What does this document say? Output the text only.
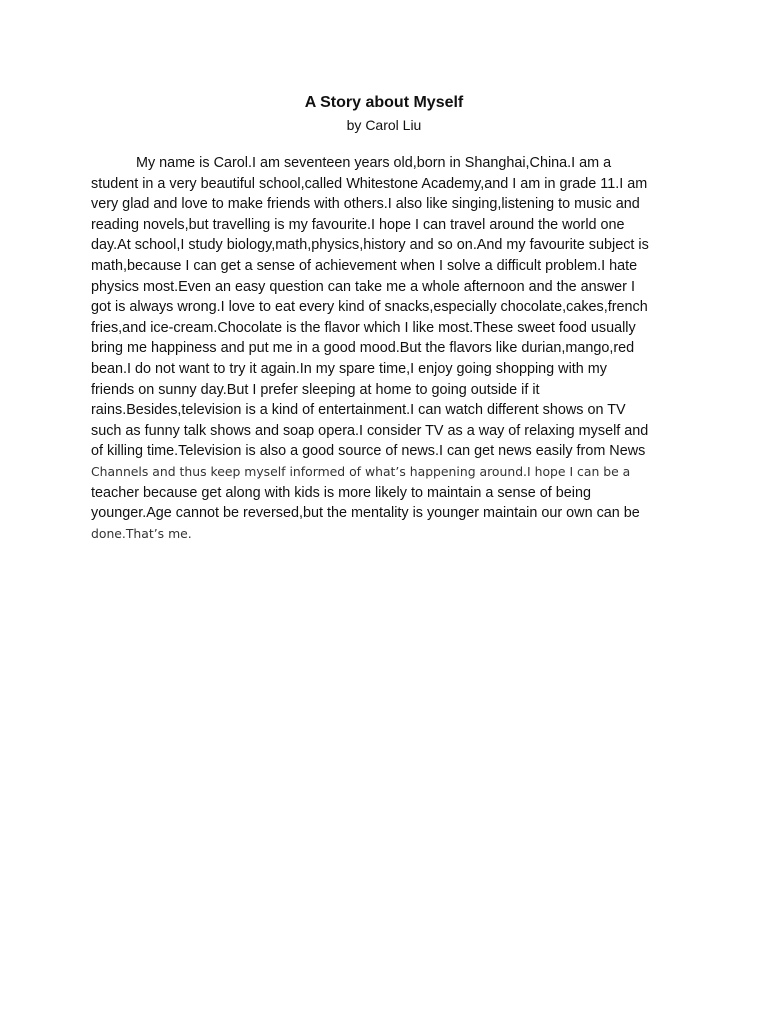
A Story about Myself
by Carol Liu
My name is Carol.I am seventeen years old,born in Shanghai,China.I am a
student in a very beautiful school,called Whitestone Academy,and I am in grade 11.I am
very glad and love to make friends with others.I also like singing,listening to music and
reading novels,but travelling is my favourite.I hope I can travel around the world one
day.At school,I study biology,math,physics,history and so on.And my favourite subject is
math,because I can get a sense of achievement when I solve a difficult problem.I hate
physics most.Even an easy question can take me a whole afternoon and the answer I
got is always wrong.I love to eat every kind of snacks,especially chocolate,cakes,french
fries,and ice-cream.Chocolate is the flavor which I like most.These sweet food usually
bring me happiness and put me in a good mood.But the flavors like durian,mango,red
bean.I do not want to try it again.In my spare time,I enjoy going shopping with my
friends on sunny day.But I prefer sleeping at home to going outside if it
rains.Besides,television is a kind of entertainment.I can watch different shows on TV
such as funny talk shows and soap opera.I consider TV as a way of relaxing myself and
of killing time.Television is also a good source of news.I can get news easily from News
Channels and thus keep myself informed of what’s happening around.I hope I can be a
teacher because get along with kids is more likely to maintain a sense of being
younger.Age cannot be reversed,but the mentality is younger maintain our own can be
done.That’s me.
